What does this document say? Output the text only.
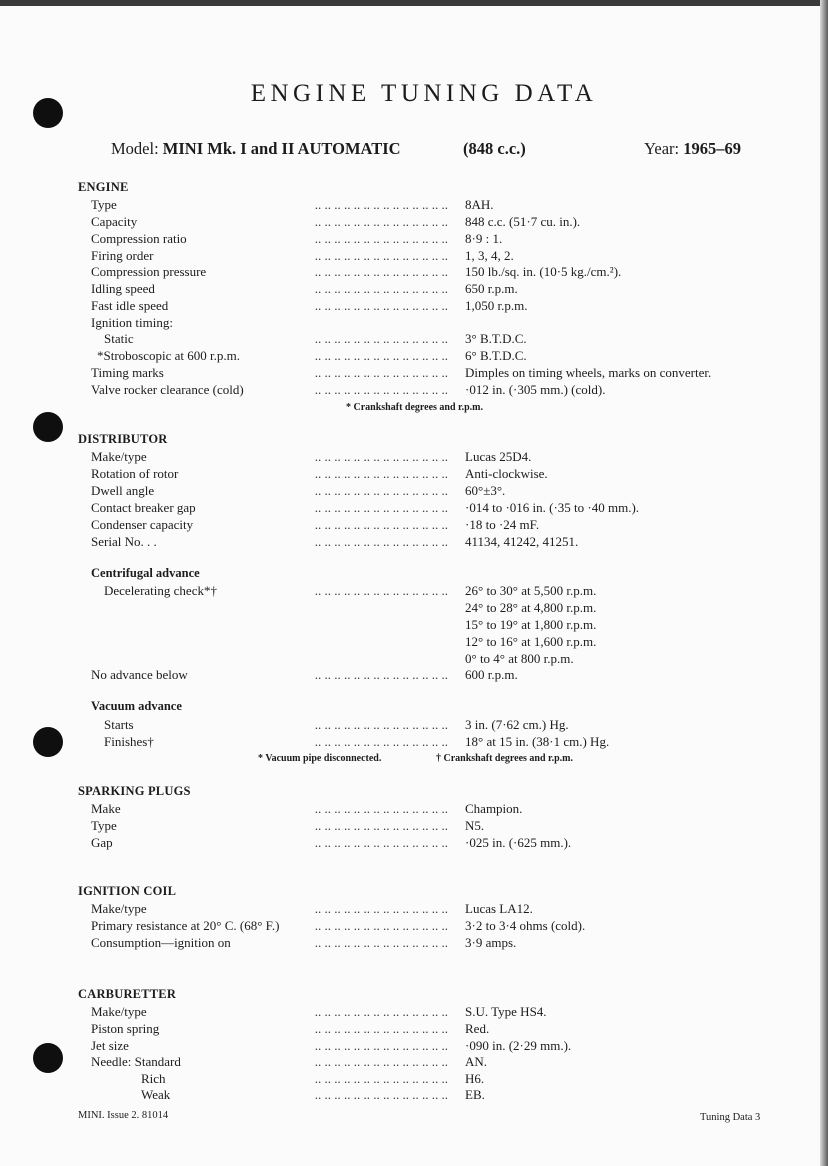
ENGINE TUNING DATA
Model: MINI Mk. I and II AUTOMATIC	(848 c.c.)	Year: 1965–69
ENGINE
Type	.. .. .. .. .. .. .. .. .. .. .. .. .. .. 8AH.
Capacity	.. .. .. .. .. .. .. .. .. .. .. .. .. .. 848 c.c. (51·7 cu. in.).
Compression ratio	.. .. .. .. .. .. .. .. .. .. .. .. .. .. 8·9 : 1.
Firing order	.. .. .. .. .. .. .. .. .. .. .. .. .. .. 1, 3, 4, 2.
Compression pressure	.. .. .. .. .. .. .. .. .. .. .. .. .. .. 150 lb./sq. in. (10·5 kg./cm.²).
Idling speed	.. .. .. .. .. .. .. .. .. .. .. .. .. .. 650 r.p.m.
Fast idle speed	.. .. .. .. .. .. .. .. .. .. .. .. .. .. 1,050 r.p.m.
Ignition timing:
Static	.. .. .. .. .. .. .. .. .. .. .. .. .. .. 3° B.T.D.C.
*Stroboscopic at 600 r.p.m.	.. .. .. .. .. .. .. .. .. .. .. .. .. .. 6° B.T.D.C.
Timing marks	.. .. .. .. .. .. .. .. .. .. .. .. .. .. Dimples on timing wheels, marks on converter.
Valve rocker clearance (cold)	.. .. .. .. .. .. .. .. .. .. .. .. .. .. ·012 in. (·305 mm.) (cold).
* Crankshaft degrees and r.p.m.
DISTRIBUTOR
Make/type	.. .. .. .. .. .. .. .. .. .. .. .. .. .. Lucas 25D4.
Rotation of rotor	.. .. .. .. .. .. .. .. .. .. .. .. .. .. Anti-clockwise.
Dwell angle	.. .. .. .. .. .. .. .. .. .. .. .. .. .. 60°±3°.
Contact breaker gap	.. .. .. .. .. .. .. .. .. .. .. .. .. .. ·014 to ·016 in. (·35 to ·40 mm.).
Condenser capacity	.. .. .. .. .. .. .. .. .. .. .. .. .. .. ·18 to ·24 mF.
Serial No. . .	.. .. .. .. .. .. .. .. .. .. .. .. .. .. 41134, 41242, 41251.
Centrifugal advance
Decelerating check*†	.. .. .. .. .. .. .. .. .. .. .. .. .. .. 26° to 30° at 5,500 r.p.m.
24° to 28° at 4,800 r.p.m.
15° to 19° at 1,800 r.p.m.
12° to 16° at 1,600 r.p.m.
0° to 4° at 800 r.p.m.
No advance below	.. .. .. .. .. .. .. .. .. .. .. .. .. .. 600 r.p.m.
Vacuum advance
Starts	.. .. .. .. .. .. .. .. .. .. .. .. .. .. 3 in. (7·62 cm.) Hg.
Finishes†	.. .. .. .. .. .. .. .. .. .. .. .. .. .. 18° at 15 in. (38·1 cm.) Hg.
* Vacuum pipe disconnected.	† Crankshaft degrees and r.p.m.
SPARKING PLUGS
Make	.. .. .. .. .. .. .. .. .. .. .. .. .. .. Champion.
Type	.. .. .. .. .. .. .. .. .. .. .. .. .. .. N5.
Gap	.. .. .. .. .. .. .. .. .. .. .. .. .. .. ·025 in. (·625 mm.).
IGNITION COIL
Make/type	.. .. .. .. .. .. .. .. .. .. .. .. .. .. Lucas LA12.
Primary resistance at 20° C. (68° F.)	.. .. .. .. .. .. .. .. .. .. .. .. .. .. 3·2 to 3·4 ohms (cold).
Consumption—ignition on	.. .. .. .. .. .. .. .. .. .. .. .. .. .. 3·9 amps.
CARBURETTER
Make/type	.. .. .. .. .. .. .. .. .. .. .. .. .. .. S.U. Type HS4.
Piston spring	.. .. .. .. .. .. .. .. .. .. .. .. .. .. Red.
Jet size	.. .. .. .. .. .. .. .. .. .. .. .. .. .. ·090 in. (2·29 mm.).
Needle: Standard	.. .. .. .. .. .. .. .. .. .. .. .. .. .. AN.
Rich	.. .. .. .. .. .. .. .. .. .. .. .. .. .. H6.
Weak	.. .. .. .. .. .. .. .. .. .. .. .. .. .. EB.
MINI. Issue 2. 81014	Tuning Data 3
